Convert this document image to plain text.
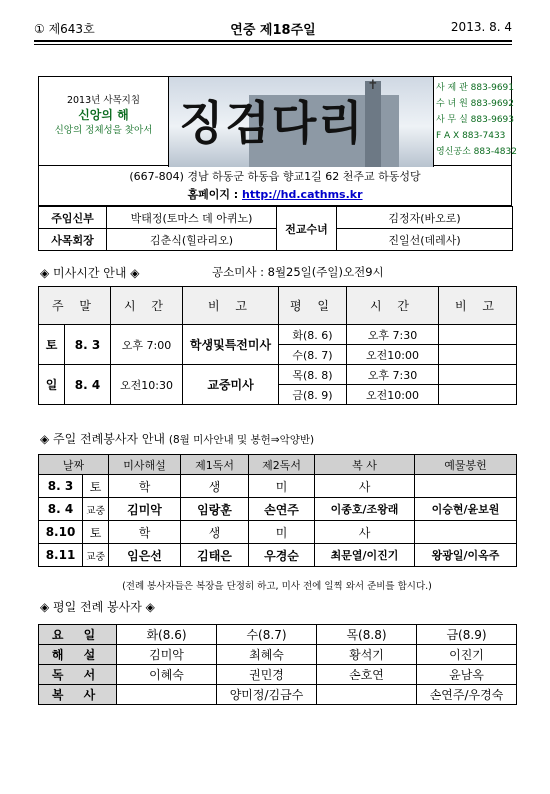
① 제643호	연중 제18주일	2013. 8. 4
2013년 사목지침
신앙의 해
신앙의 정체성을 찾아서
✝
징검다리
사 제 관 883-9691
수 녀 원 883-9692
사 무 실 883-9693
F A X 883-7433
영신공소 883-4832
(667-804) 경남 하동군 하동읍 향교1길 62 천주교 하동성당
홈페이지 : http://hd.cathms.kr
주임신부	박태정(토마스 데 아퀴노)	전교수녀	김정자(바오로)
사목회장	김춘식(힐라리오)		진일선(데레사)
◈ 미사시간 안내 ◈	공소미사 : 8월25일(주일)오전9시
주 말		시 간	비 고	평 일	시 간	비 고
토	8. 3	오후 7:00	학생및특전미사	화(8. 6)	오후 7:30	
				수(8. 7)	오전10:00	
일	8. 4	오전10:30	교중미사	목(8. 8)	오후 7:30	
				금(8. 9)	오전10:00	
◈ 주일 전례봉사자 안내 (8월 미사안내 및 봉헌⇒악양반)
날짜		미사해설	제1독서	제2독서	복 사	예물봉헌
8. 3	토	학	생	미	사	
8. 4	교중	김미악	임랑훈	손연주	이종호/조왕래	이승현/윤보원
8.10	토	학	생	미	사	
8.11	교중	임은선	김태은	우경순	최문열/이진기	왕광일/이옥주
(전례 봉사자들은 복장을 단정히 하고, 미사 전에 일찍 와서 준비를 합시다.)
◈ 평일 전례 봉사자 ◈
요 일	화(8.6)	수(8.7)	목(8.8)	금(8.9)
해 설	김미악	최혜숙	황석기	이진기
독 서	이혜숙	권민경	손호연	윤남옥
복 사		양미정/김금수		손연주/우경숙
